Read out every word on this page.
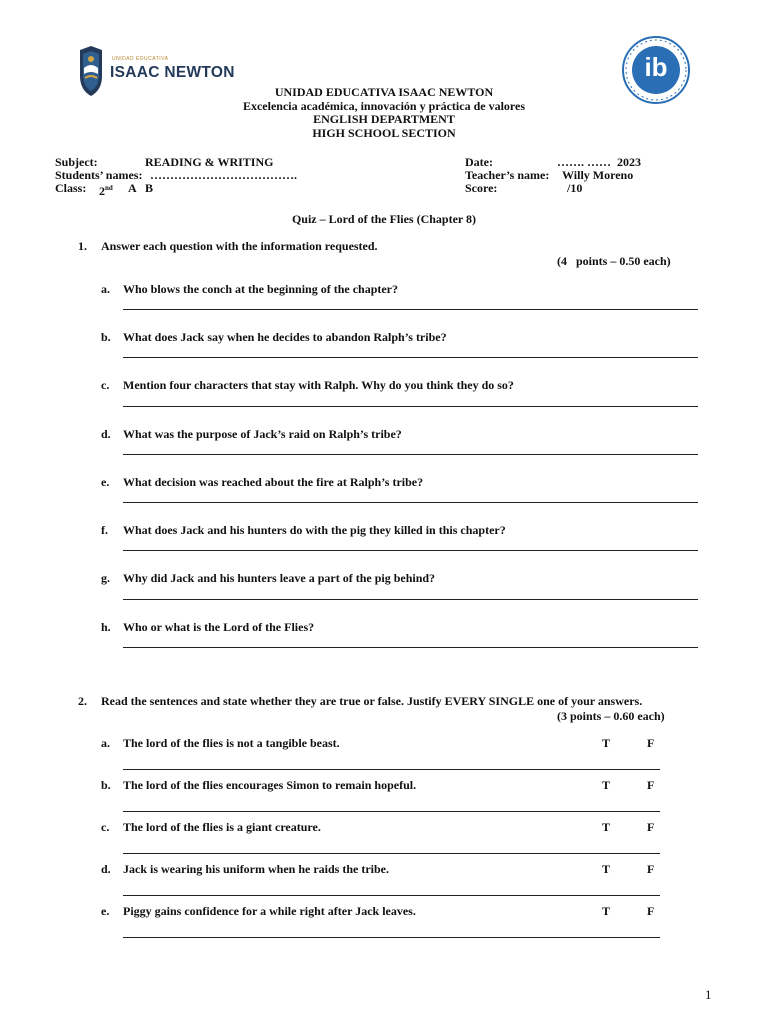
UNIDAD EDUCATIVA
ISAAC NEWTON	ib
UNIDAD EDUCATIVA ISAAC NEWTON
Excelencia académica, innovación y práctica de valores
ENGLISH DEPARTMENT
HIGH SCHOOL SECTION
Subject:	READING & WRITING
Students’ names: ……………………………….
Class: 2nd A   B
Date:	……. ……  2023
Teacher’s name: Willy Moreno
Score:	/10
Quiz – Lord of the Flies (Chapter 8)
1. Answer each question with the information requested.
(4   points – 0.50 each)
a. Who blows the conch at the beginning of the chapter?
b. What does Jack say when he decides to abandon Ralph’s tribe?
c. Mention four characters that stay with Ralph. Why do you think they do so?
d. What was the purpose of Jack’s raid on Ralph’s tribe?
e. What decision was reached about the fire at Ralph’s tribe?
f. What does Jack and his hunters do with the pig they killed in this chapter?
g. Why did Jack and his hunters leave a part of the pig behind?
h. Who or what is the Lord of the Flies?
2. Read the sentences and state whether they are true or false. Justify EVERY SINGLE one of your answers.
(3 points – 0.60 each)
a. The lord of the flies is not a tangible beast.	T	F
b. The lord of the flies encourages Simon to remain hopeful.	T	F
c. The lord of the flies is a giant creature.	T	F
d. Jack is wearing his uniform when he raids the tribe.	T	F
e. Piggy gains confidence for a while right after Jack leaves.	T	F
1
